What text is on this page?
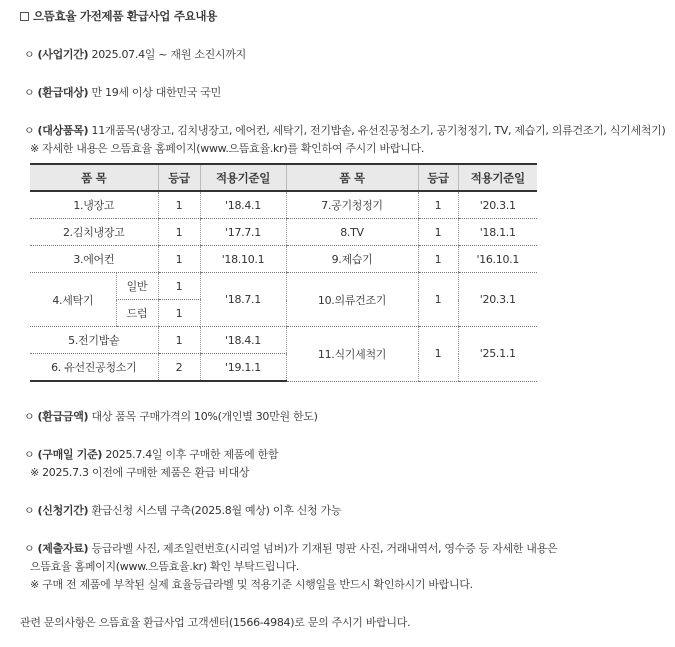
으뜸효율 가전제품 환급사업 주요내용
ㅇ (사업기간) 2025.07.4일 ~ 재원 소진시까지
ㅇ (환급대상) 만 19세 이상 대한민국 국민
ㅇ (대상품목) 11개품목(냉장고, 김치냉장고, 에어컨, 세탁기, 전기밥솥, 유선진공청소기, 공기청정기, TV, 제습기, 의류건조기, 식기세척기)
※ 자세한 내용은 으뜸효율 홈페이지(www.으뜸효율.kr)를 확인하여 주시기 바랍니다.
품 목		등급	적용기준일	품 목	등급	적용기준일
1.냉장고		1	'18.4.1	7.공기청정기	1	'20.3.1
2.김치냉장고		1	'17.7.1	8.TV	1	'18.1.1
3.에어컨		1	'18.10.1	9.제습기	1	'16.10.1
4.세탁기	일반	1	'18.7.1	10.의류건조기	1	'20.3.1
	드럼	1				
5.전기밥솥		1	'18.4.1	11.식기세척기	1	'25.1.1
6. 유선진공청소기		2	'19.1.1			
ㅇ (환급금액) 대상 품목 구매가격의 10%(개인별 30만원 한도)
ㅇ (구매일 기준) 2025.7.4일 이후 구매한 제품에 한함
※ 2025.7.3 이전에 구매한 제품은 환급 비대상
ㅇ (신청기간) 환급신청 시스템 구축(2025.8월 예상) 이후 신청 가능
ㅇ (제출자료) 등급라벨 사진, 제조일련번호(시리얼 넘버)가 기재된 명판 사진, 거래내역서, 영수증 등 자세한 내용은
으뜸효율 홈페이지(www.으뜸효율.kr) 확인 부탁드립니다.
※ 구매 전 제품에 부착된 실제 효율등급라벨 및 적용기준 시행일을 반드시 확인하시기 바랍니다.
관련 문의사항은 으뜸효율 환급사업 고객센터(1566-4984)로 문의 주시기 바랍니다.
